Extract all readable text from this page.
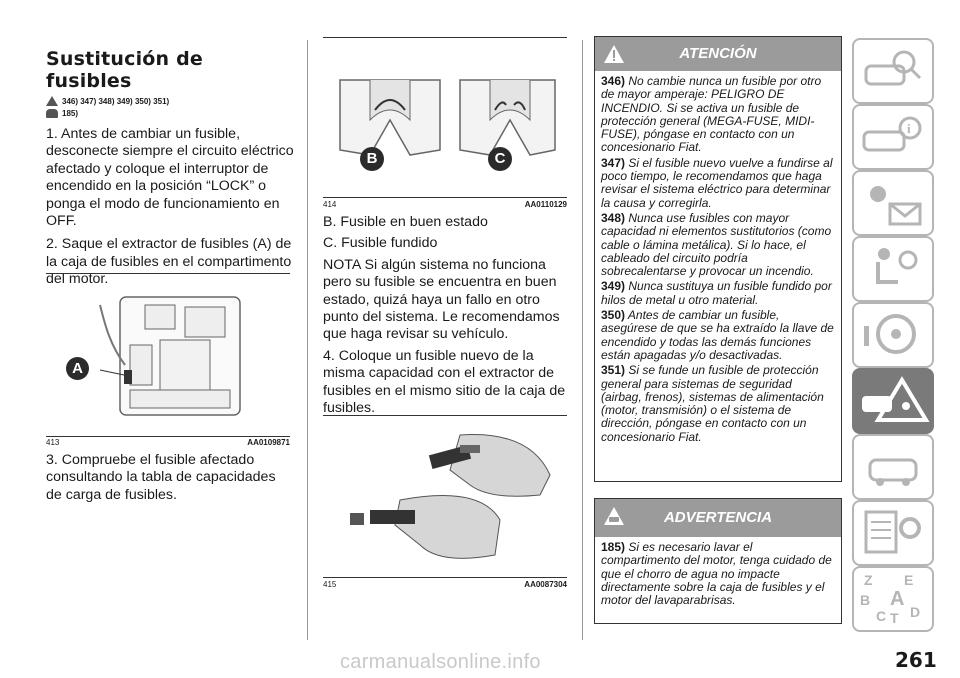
Sustitución de fusibles
346) 347) 348) 349) 350) 351)
185)

1. Antes de cambiar un fusible, desconecte siempre el circuito eléctrico afectado y coloque el interruptor de encendido en la posición “LOCK” o ponga el modo de funcionamiento en OFF.

2. Saque el extractor de fusibles (A) de la caja de fusibles en el compartimento del motor.

A
413	AA0109871

3. Compruebe el fusible afectado consultando la tabla de capacidades de carga de fusibles.

B	C
414	AA0110129

B. Fusible en buen estado

C. Fusible fundido

NOTA Si algún sistema no funciona pero su fusible se encuentra en buen estado, quizá haya un fallo en otro punto del sistema. Le recomendamos que haga revisar su vehículo.

4. Coloque un fusible nuevo de la misma capacidad con el extractor de fusibles en el mismo sitio de la caja de fusibles.

415	AA0087304
ATENCIÓN

346) No cambie nunca un fusible por otro de mayor amperaje: PELIGRO DE INCENDIO. Si se activa un fusible de protección general (MEGA-FUSE, MIDI-FUSE), póngase en contacto con un concesionario Fiat.

347) Si el fusible nuevo vuelve a fundirse al poco tiempo, le recomendamos que haga revisar el sistema eléctrico para determinar la causa y corregirla.

348) Nunca use fusibles con mayor capacidad ni elementos sustitutorios (como cable o lámina metálica). Si lo hace, el cableado del circuito podría sobrecalentarse y provocar un incendio.

349) Nunca sustituya un fusible fundido por hilos de metal u otro material.

350) Antes de cambiar un fusible, asegúrese de que se ha extraído la llave de encendido y todas las demás funciones están apagadas y/o desactivadas.

351) Si se funde un fusible de protección general para sistemas de seguridad (airbag, frenos), sistemas de alimentación (motor, transmisión) o el sistema de dirección, póngase en contacto con un concesionario Fiat.

ADVERTENCIA

185) Si es necesario lavar el compartimento del motor, tenga cuidado de que el chorro de agua no impacte directamente sobre la caja de fusibles y el motor del lavaparabrisas.

i
Z E
B A
C T D
261
carmanualsonline.info
